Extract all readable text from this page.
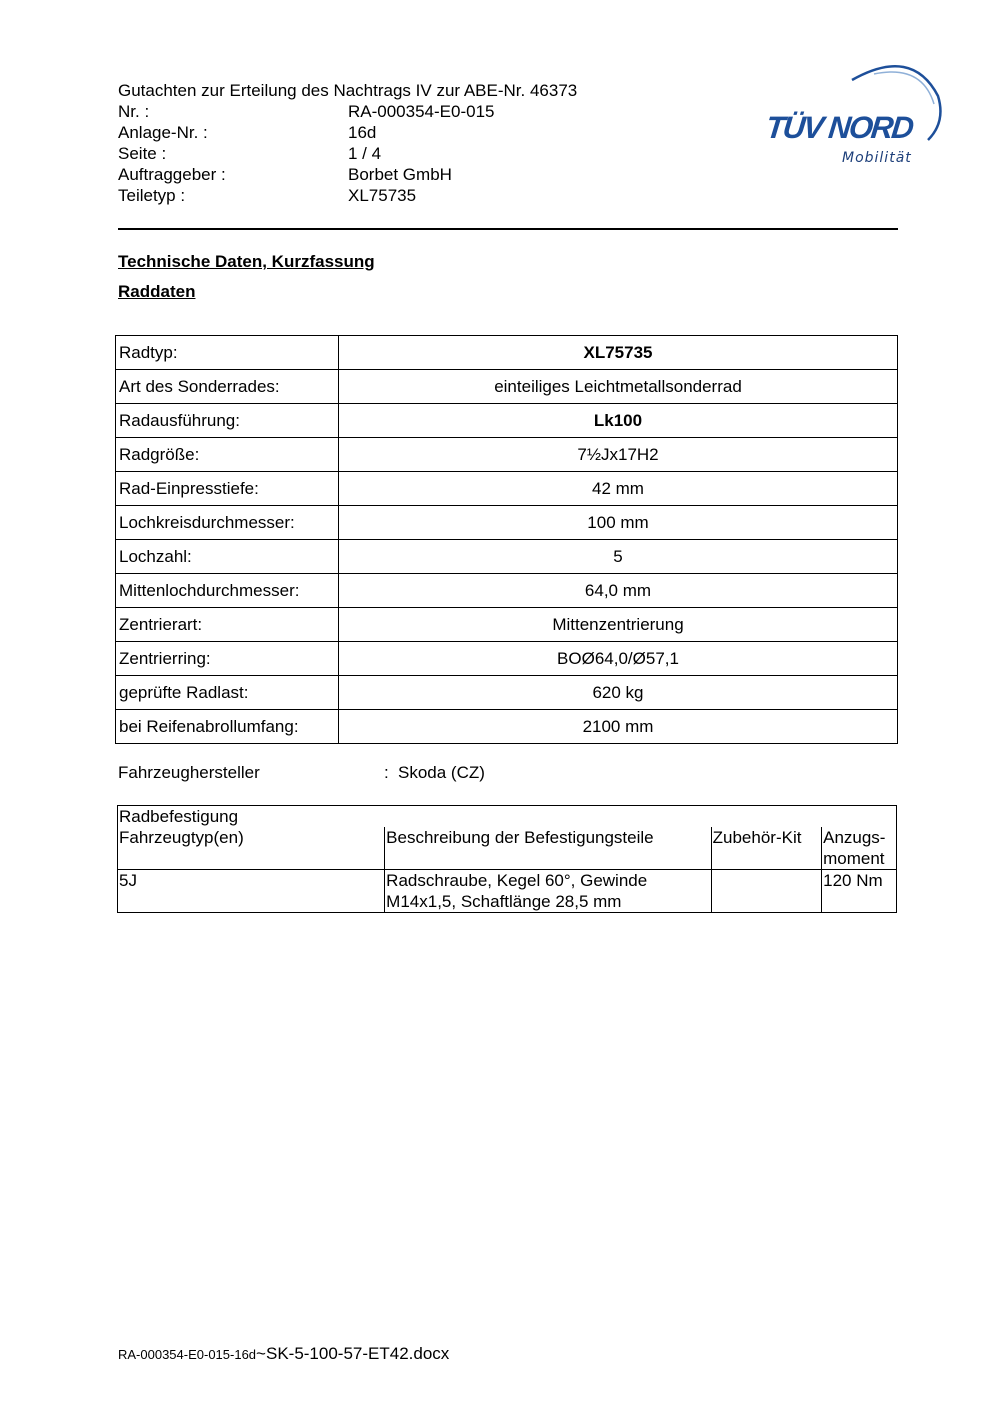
Gutachten zur Erteilung des Nachtrags IV zur ABE-Nr. 46373
Nr. :	RA-000354-E0-015
Anlage-Nr. :	16d
Seite :	1 / 4
Auftraggeber :	Borbet GmbH
Teiletyp :	XL75735
TÜV NORD
Mobilität
Technische Daten, Kurzfassung
Raddaten
Radtyp:	XL75735
Art des Sonderrades:	einteiliges Leichtmetallsonderrad
Radausführung:	Lk100
Radgröße:	7½Jx17H2
Rad-Einpresstiefe:	42 mm
Lochkreisdurchmesser:	100 mm
Lochzahl:	5
Mittenlochdurchmesser:	64,0 mm
Zentrierart:	Mittenzentrierung
Zentrierring:	BOØ64,0/Ø57,1
geprüfte Radlast:	620 kg
bei Reifenabrollumfang:	2100 mm
Fahrzeughersteller	: Skoda (CZ)
Radbefestigung			
Fahrzeugtyp(en)	Beschreibung der Befestigungsteile	Zubehör-Kit	Anzugs-
moment
5J	Radschraube, Kegel 60°, Gewinde
M14x1,5, Schaftlänge 28,5 mm		120 Nm
RA-000354-E0-015-16d~SK-5-100-57-ET42.docx
